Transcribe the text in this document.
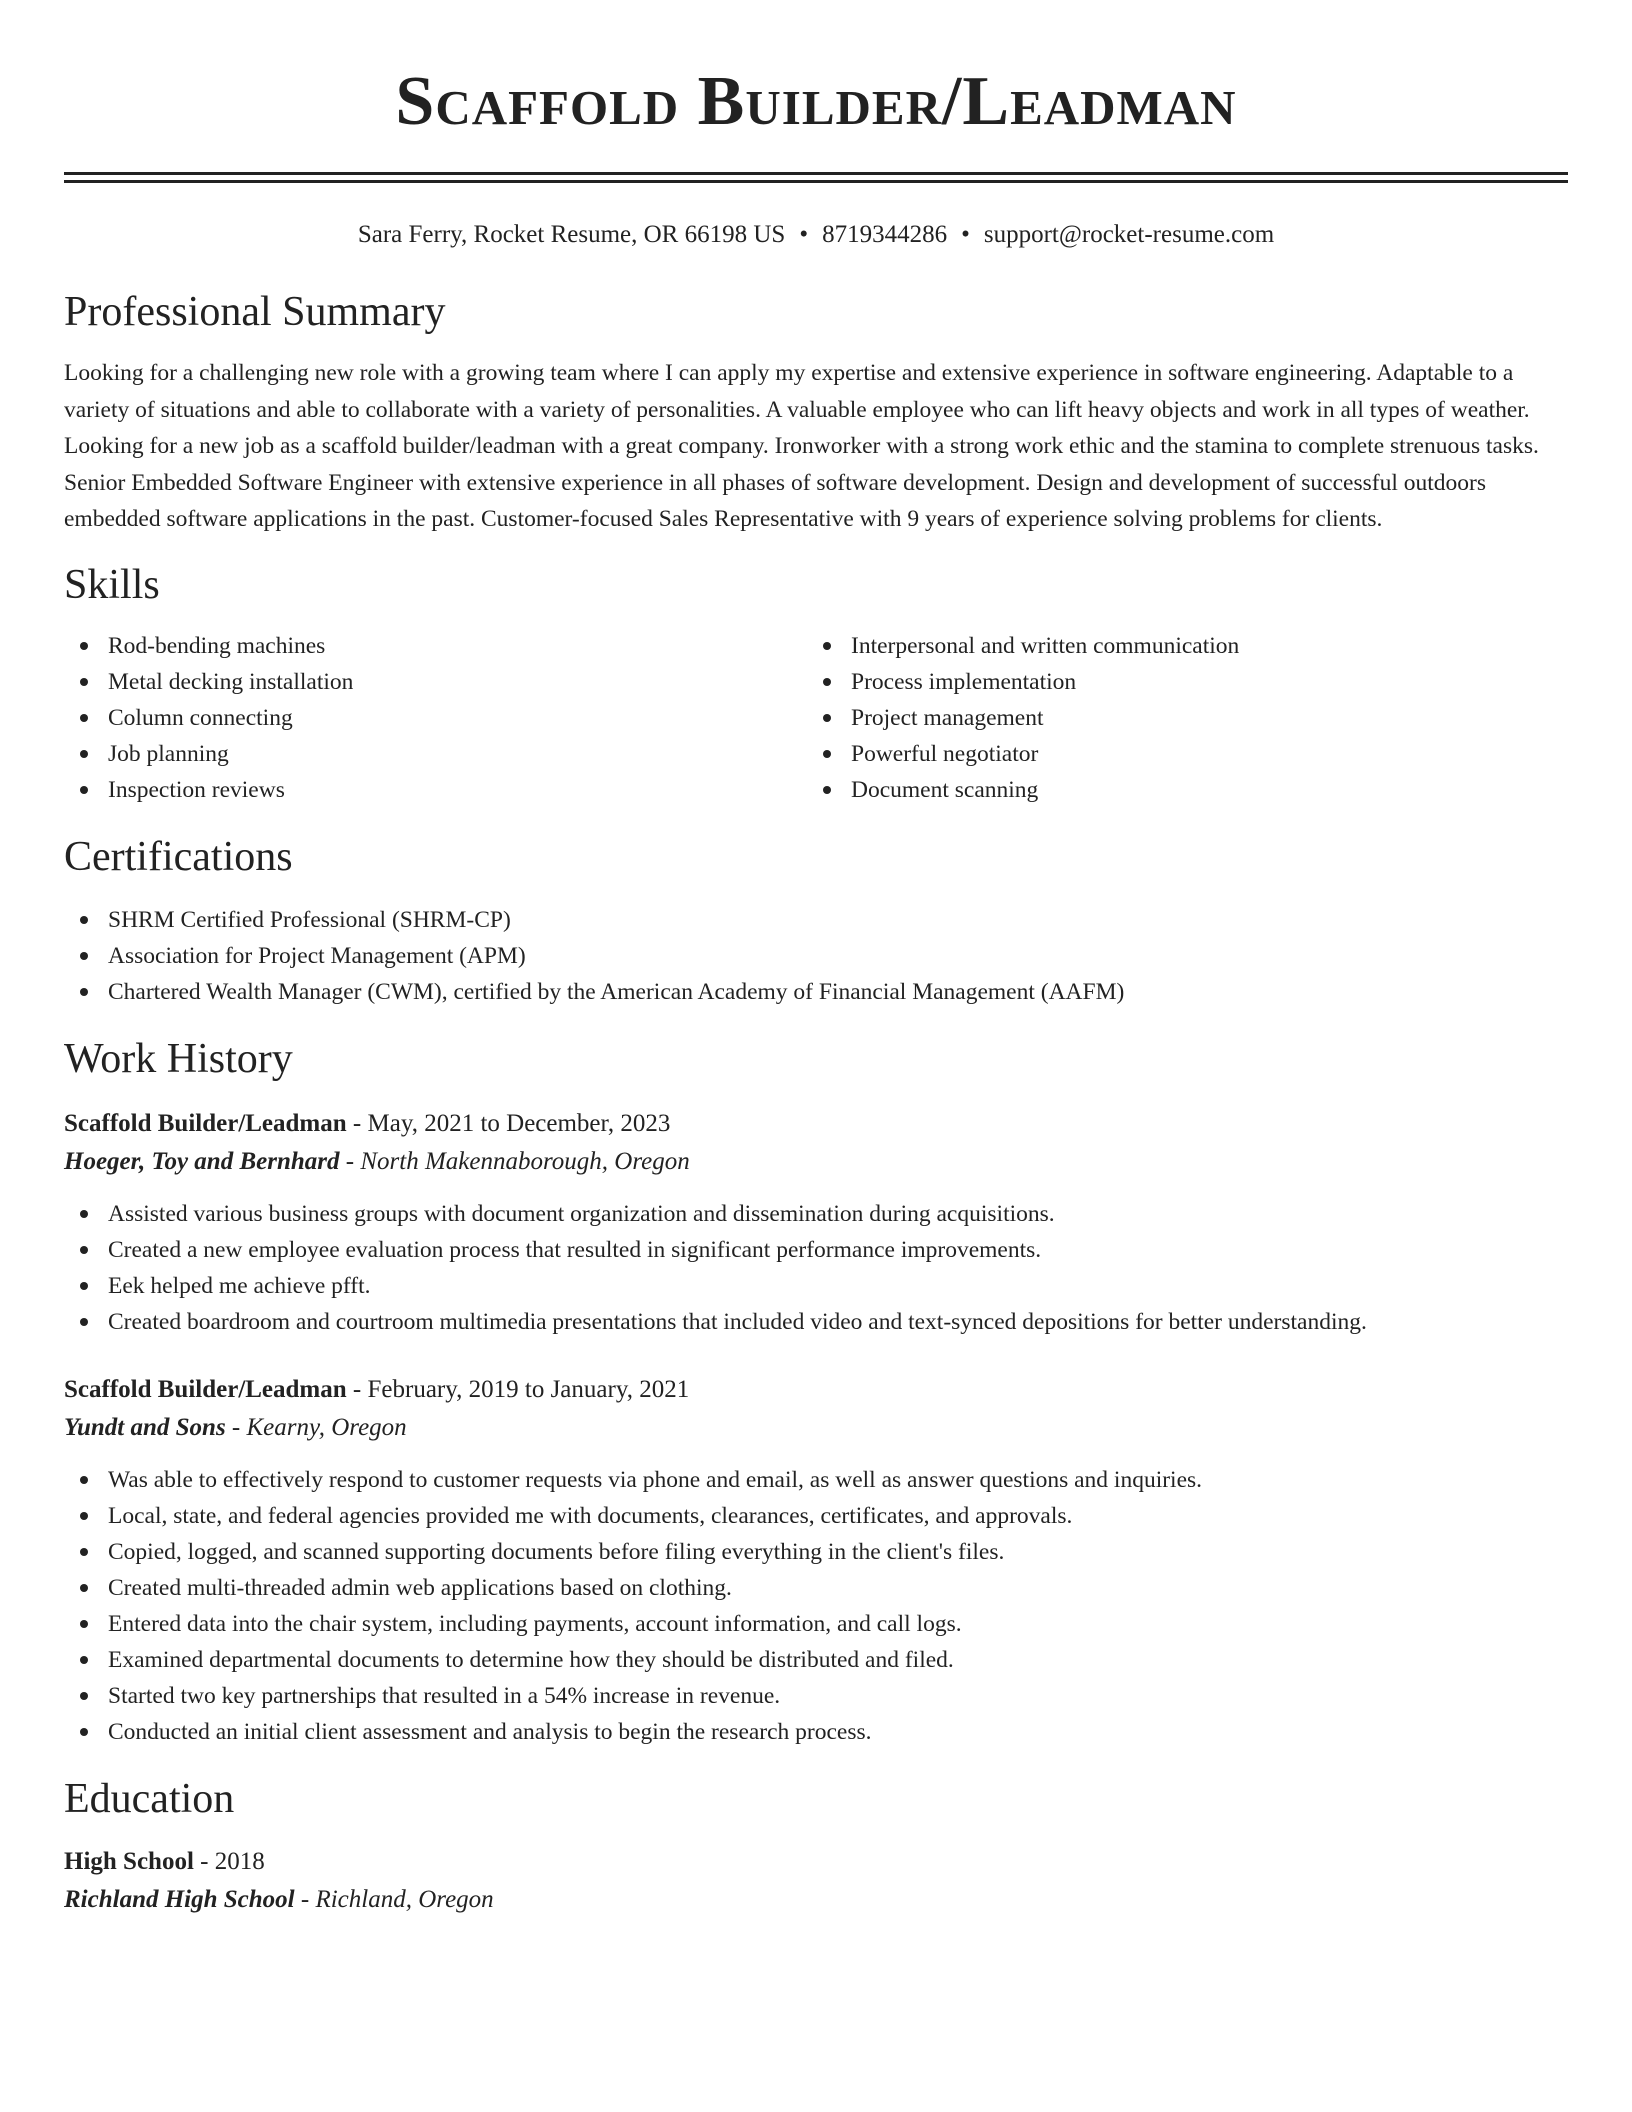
Scaffold Builder/Leadman
Sara Ferry, Rocket Resume, OR 66198 US • 8719344286 • support@rocket-resume.com
Professional Summary

Looking for a challenging new role with a growing team where I can apply my expertise and extensive experience in software engineering. Adaptable to a variety of situations and able to collaborate with a variety of personalities. A valuable employee who can lift heavy objects and work in all types of weather. Looking for a new job as a scaffold builder/leadman with a great company. Ironworker with a strong work ethic and the stamina to complete strenuous tasks. Senior Embedded Software Engineer with extensive experience in all phases of software development. Design and development of successful outdoors embedded software applications in the past. Customer-focused Sales Representative with 9 years of experience solving problems for clients.

Skills
Rod-bending machines
Metal decking installation
Column connecting
Job planning
Inspection reviews
Interpersonal and written communication
Process implementation
Project management
Powerful negotiator
Document scanning
Certifications
SHRM Certified Professional (SHRM-CP)
Association for Project Management (APM)
Chartered Wealth Manager (CWM), certified by the American Academy of Financial Management (AAFM)
Work History
Scaffold Builder/Leadman - May, 2021 to December, 2023
Hoeger, Toy and Bernhard - North Makennaborough, Oregon
Assisted various business groups with document organization and dissemination during acquisitions.
Created a new employee evaluation process that resulted in significant performance improvements.
Eek helped me achieve pfft.
Created boardroom and courtroom multimedia presentations that included video and text-synced depositions for better understanding.
Scaffold Builder/Leadman - February, 2019 to January, 2021
Yundt and Sons - Kearny, Oregon
Was able to effectively respond to customer requests via phone and email, as well as answer questions and inquiries.
Local, state, and federal agencies provided me with documents, clearances, certificates, and approvals.
Copied, logged, and scanned supporting documents before filing everything in the client's files.
Created multi-threaded admin web applications based on clothing.
Entered data into the chair system, including payments, account information, and call logs.
Examined departmental documents to determine how they should be distributed and filed.
Started two key partnerships that resulted in a 54% increase in revenue.
Conducted an initial client assessment and analysis to begin the research process.
Education
High School - 2018
Richland High School - Richland, Oregon
